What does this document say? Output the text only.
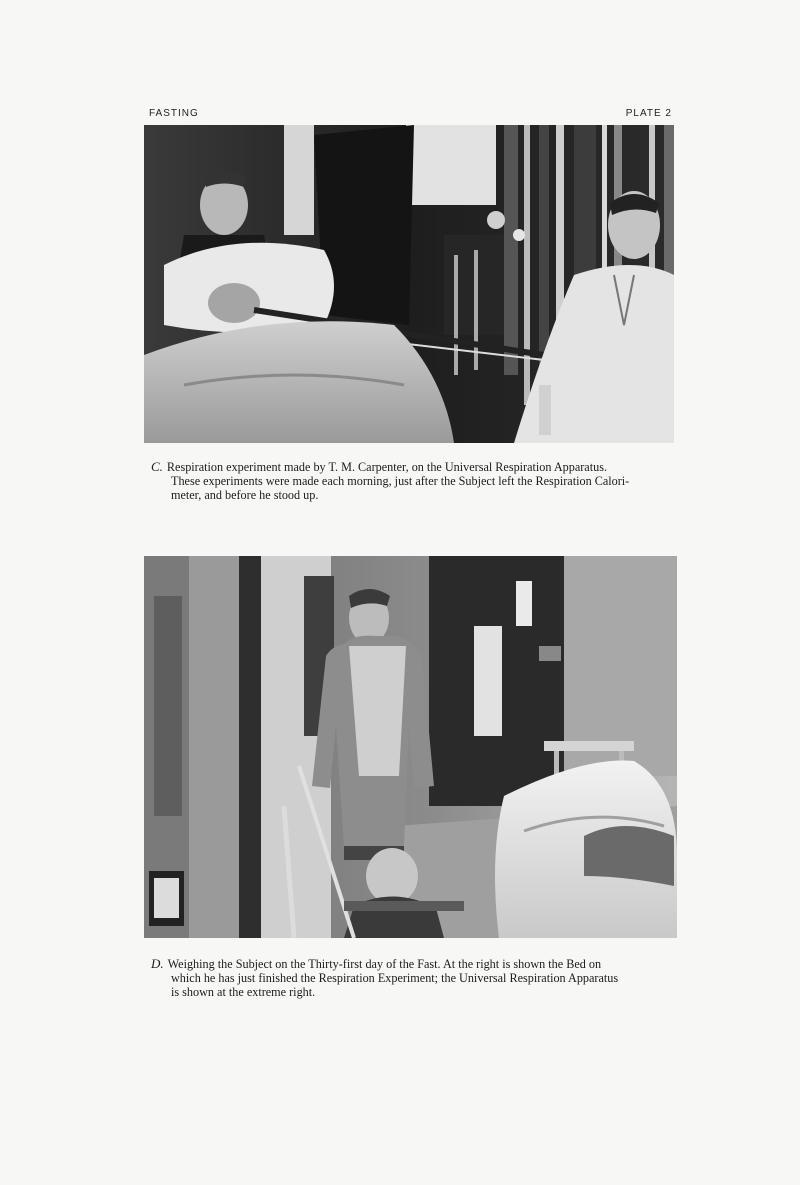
FASTING	PLATE 2
C. Respiration experiment made by T. M. Carpenter, on the Universal Respiration Apparatus.
These experiments were made each morning, just after the Subject left the Respiration Calori-
meter, and before he stood up.
D. Weighing the Subject on the Thirty-first day of the Fast. At the right is shown the Bed on
which he has just finished the Respiration Experiment; the Universal Respiration Apparatus
is shown at the extreme right.
